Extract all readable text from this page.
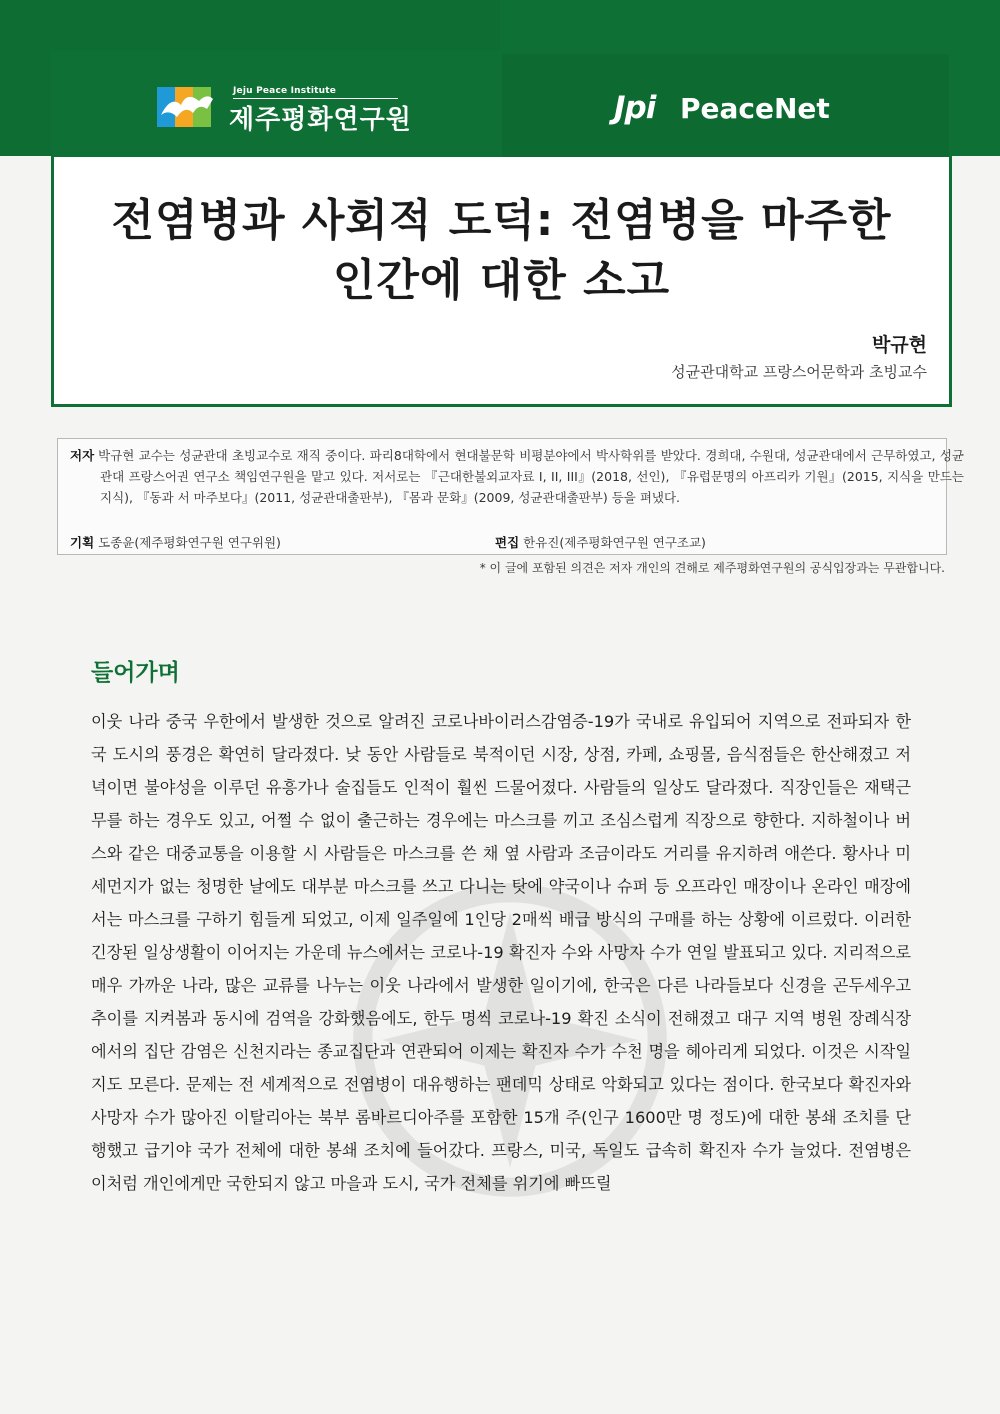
Jeju Peace Institute
제주평화연구원	Jpi PeaceNet
전염병과 사회적 도덕: 전염병을 마주한
인간에 대한 소고
박규현
성균관대학교 프랑스어문학과 초빙교수
저자 박규현 교수는 성균관대 초빙교수로 재직 중이다. 파리8대학에서 현대불문학 비평분야에서 박사학위를 받았다. 경희대, 수원대, 성균관대에서 근무하였고, 성균관대 프랑스어권 연구소 책임연구원을 맡고 있다. 저서로는 『근대한불외교자료 I, II, III』(2018, 선인), 『유럽문명의 아프리카 기원』(2015, 지식을 만드는 지식), 『동과 서 마주보다』(2011, 성균관대출판부), 『몸과 문화』(2009, 성균관대출판부) 등을 펴냈다.
기획 도종윤(제주평화연구원 연구위원)	편집 한유진(제주평화연구원 연구조교)
* 이 글에 포함된 의견은 저자 개인의 견해로 제주평화연구원의 공식입장과는 무관합니다.
들어가며

이웃 나라 중국 우한에서 발생한 것으로 알려진 코로나바이러스감염증-19가 국내로 유입되어 지역으로 전파되자 한국 도시의 풍경은 확연히 달라졌다. 낮 동안 사람들로 북적이던 시장, 상점, 카페, 쇼핑몰, 음식점들은 한산해졌고 저녁이면 불야성을 이루던 유흥가나 술집들도 인적이 훨씬 드물어졌다. 사람들의 일상도 달라졌다. 직장인들은 재택근무를 하는 경우도 있고, 어쩔 수 없이 출근하는 경우에는 마스크를 끼고 조심스럽게 직장으로 향한다. 지하철이나 버스와 같은 대중교통을 이용할 시 사람들은 마스크를 쓴 채 옆 사람과 조금이라도 거리를 유지하려 애쓴다. 황사나 미세먼지가 없는 청명한 날에도 대부분 마스크를 쓰고 다니는 탓에 약국이나 슈퍼 등 오프라인 매장이나 온라인 매장에서는 마스크를 구하기 힘들게 되었고, 이제 일주일에 1인당 2매씩 배급 방식의 구매를 하는 상황에 이르렀다. 이러한 긴장된 일상생활이 이어지는 가운데 뉴스에서는 코로나-19 확진자 수와 사망자 수가 연일 발표되고 있다. 지리적으로 매우 가까운 나라, 많은 교류를 나누는 이웃 나라에서 발생한 일이기에, 한국은 다른 나라들보다 신경을 곤두세우고 추이를 지켜봄과 동시에 검역을 강화했음에도, 한두 명씩 코로나-19 확진 소식이 전해졌고 대구 지역 병원 장례식장에서의 집단 감염은 신천지라는 종교집단과 연관되어 이제는 확진자 수가 수천 명을 헤아리게 되었다. 이것은 시작일지도 모른다. 문제는 전 세계적으로 전염병이 대유행하는 팬데믹 상태로 악화되고 있다는 점이다. 한국보다 확진자와 사망자 수가 많아진 이탈리아는 북부 롬바르디아주를 포함한 15개 주(인구 1600만 명 정도)에 대한 봉쇄 조치를 단행했고 급기야 국가 전체에 대한 봉쇄 조치에 들어갔다. 프랑스, 미국, 독일도 급속히 확진자 수가 늘었다. 전염병은 이처럼 개인에게만 국한되지 않고 마을과 도시, 국가 전체를 위기에 빠뜨릴
